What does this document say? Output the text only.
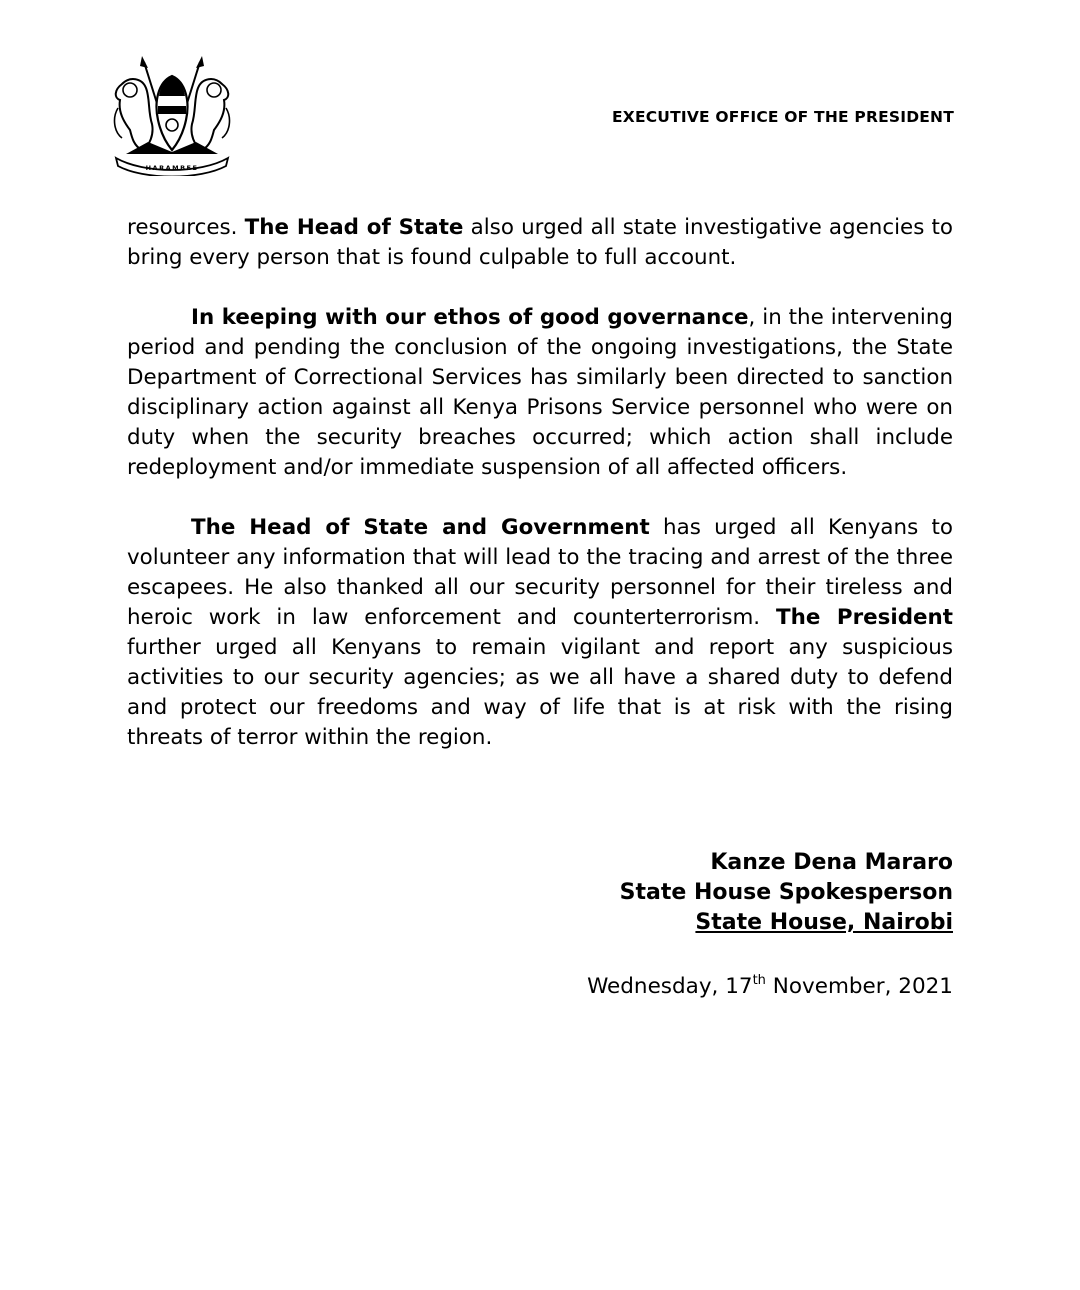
HARAMBEE
EXECUTIVE OFFICE OF THE PRESIDENT

resources. The Head of State also urged all state investigative agencies to bring every person that is found culpable to full account.

In keeping with our ethos of good governance, in the intervening period and pending the conclusion of the ongoing investigations, the State Department of Correctional Services has similarly been directed to sanction disciplinary action against all Kenya Prisons Service personnel who were on duty when the security breaches occurred; which action shall include redeployment and/or immediate suspension of all affected officers.

The Head of State and Government has urged all Kenyans to volunteer any information that will lead to the tracing and arrest of the three escapees. He also thanked all our security personnel for their tireless and heroic work in law enforcement and counterterrorism. The President further urged all Kenyans to remain vigilant and report any suspicious activities to our security agencies; as we all have a shared duty to defend and protect our freedoms and way of life that is at risk with the rising threats of terror within the region.

Kanze Dena Mararo
State House Spokesperson
State House, Nairobi
Wednesday, 17th November, 2021
